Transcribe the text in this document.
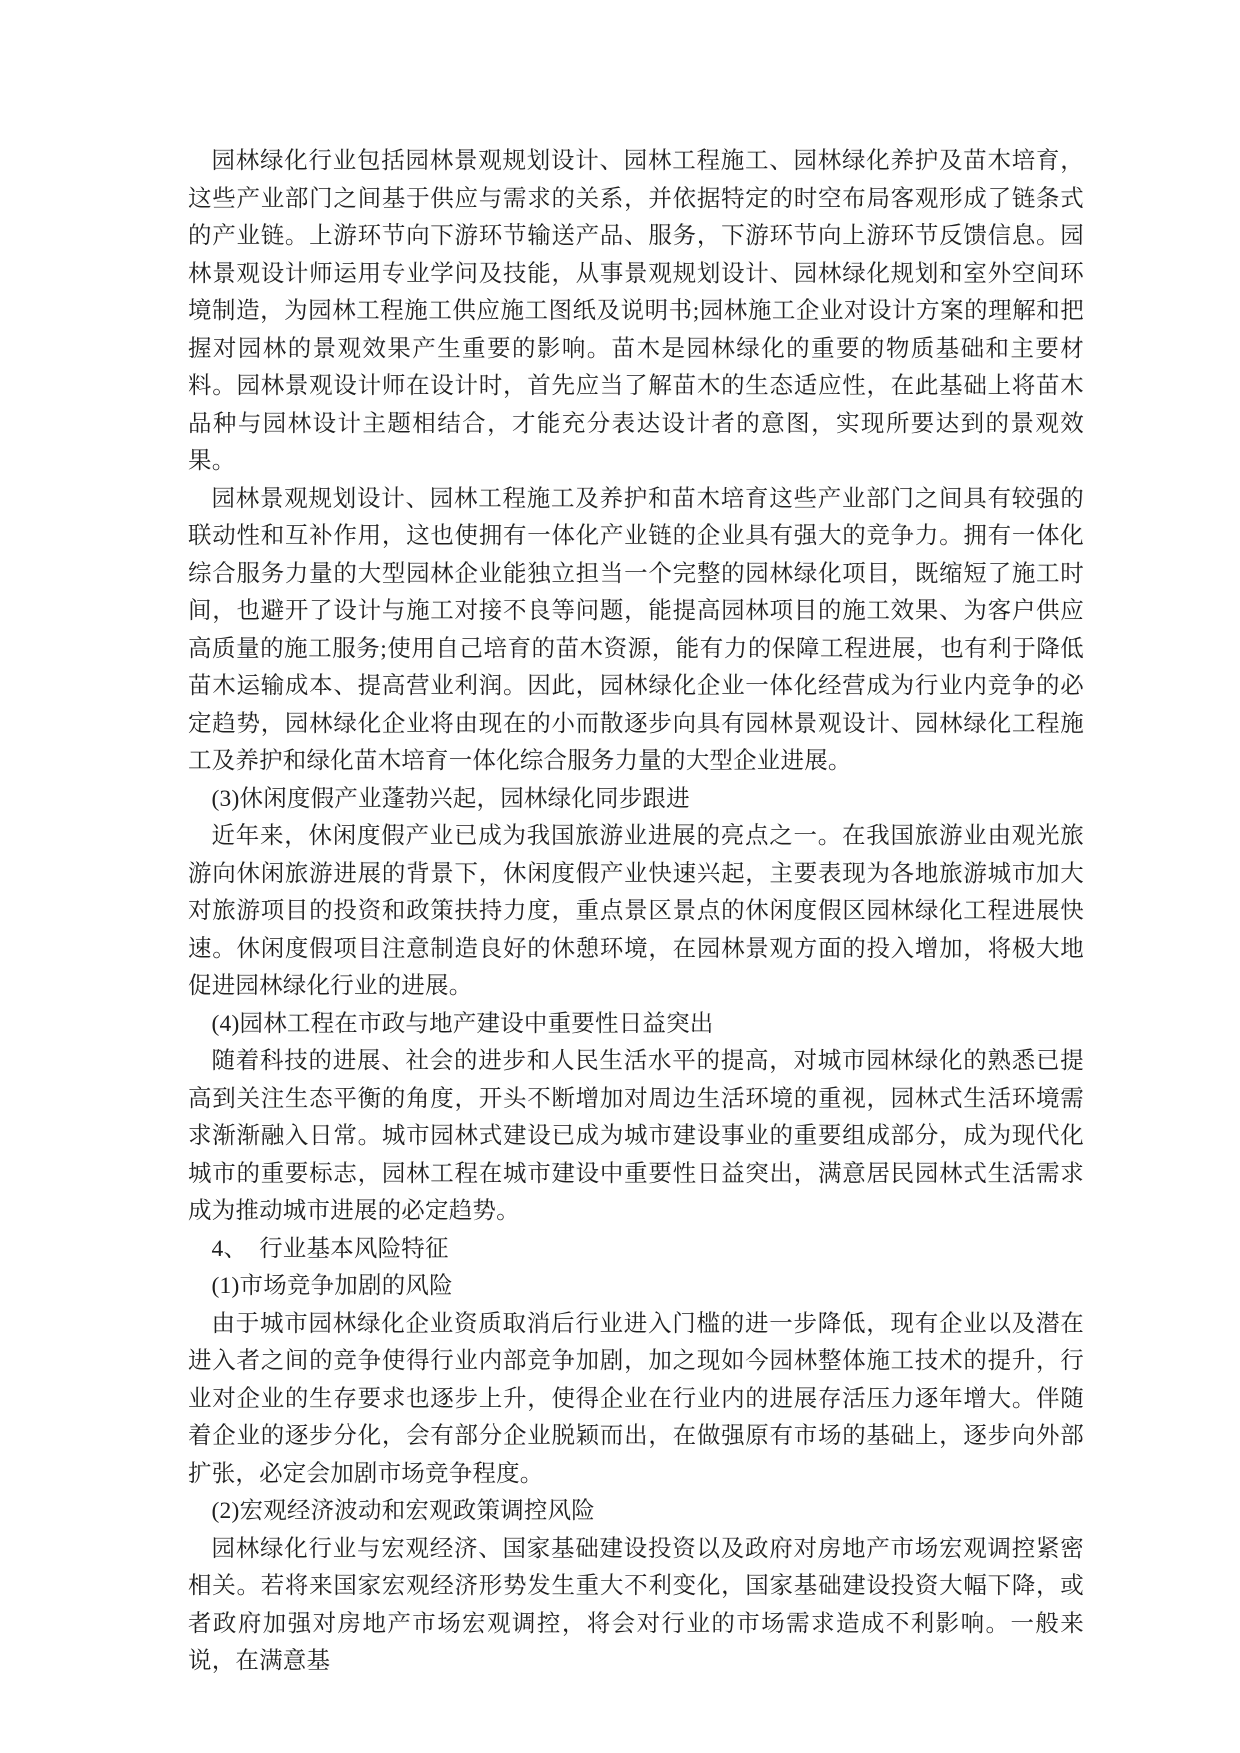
园林绿化行业包括园林景观规划设计、园林工程施工、园林绿化养护及苗木培育，这些产业部门之间基于供应与需求的关系，并依据特定的时空布局客观形成了链条式的产业链。上游环节向下游环节输送产品、服务，下游环节向上游环节反馈信息。园林景观设计师运用专业学问及技能，从事景观规划设计、园林绿化规划和室外空间环境制造，为园林工程施工供应施工图纸及说明书;园林施工企业对设计方案的理解和把握对园林的景观效果产生重要的影响。苗木是园林绿化的重要的物质基础和主要材料。园林景观设计师在设计时，首先应当了解苗木的生态适应性，在此基础上将苗木品种与园林设计主题相结合，才能充分表达设计者的意图，实现所要达到的景观效果。

园林景观规划设计、园林工程施工及养护和苗木培育这些产业部门之间具有较强的联动性和互补作用，这也使拥有一体化产业链的企业具有强大的竞争力。拥有一体化综合服务力量的大型园林企业能独立担当一个完整的园林绿化项目，既缩短了施工时间，也避开了设计与施工对接不良等问题，能提高园林项目的施工效果、为客户供应高质量的施工服务;使用自己培育的苗木资源，能有力的保障工程进展，也有利于降低苗木运输成本、提高营业利润。因此，园林绿化企业一体化经营成为行业内竞争的必定趋势，园林绿化企业将由现在的小而散逐步向具有园林景观设计、园林绿化工程施工及养护和绿化苗木培育一体化综合服务力量的大型企业进展。

(3)休闲度假产业蓬勃兴起，园林绿化同步跟进

近年来，休闲度假产业已成为我国旅游业进展的亮点之一。在我国旅游业由观光旅游向休闲旅游进展的背景下，休闲度假产业快速兴起，主要表现为各地旅游城市加大对旅游项目的投资和政策扶持力度，重点景区景点的休闲度假区园林绿化工程进展快速。休闲度假项目注意制造良好的休憩环境，在园林景观方面的投入增加，将极大地促进园林绿化行业的进展。

(4)园林工程在市政与地产建设中重要性日益突出

随着科技的进展、社会的进步和人民生活水平的提高，对城市园林绿化的熟悉已提高到关注生态平衡的角度，开头不断增加对周边生活环境的重视，园林式生活环境需求渐渐融入日常。城市园林式建设已成为城市建设事业的重要组成部分，成为现代化城市的重要标志，园林工程在城市建设中重要性日益突出，满意居民园林式生活需求成为推动城市进展的必定趋势。

4、　行业基本风险特征

(1)市场竞争加剧的风险

由于城市园林绿化企业资质取消后行业进入门槛的进一步降低，现有企业以及潜在进入者之间的竞争使得行业内部竞争加剧，加之现如今园林整体施工技术的提升，行业对企业的生存要求也逐步上升，使得企业在行业内的进展存活压力逐年增大。伴随着企业的逐步分化，会有部分企业脱颖而出，在做强原有市场的基础上，逐步向外部扩张，必定会加剧市场竞争程度。

(2)宏观经济波动和宏观政策调控风险

园林绿化行业与宏观经济、国家基础建设投资以及政府对房地产市场宏观调控紧密相关。若将来国家宏观经济形势发生重大不利变化，国家基础建设投资大幅下降，或者政府加强对房地产市场宏观调控，将会对行业的市场需求造成不利影响。一般来说，在满意基
